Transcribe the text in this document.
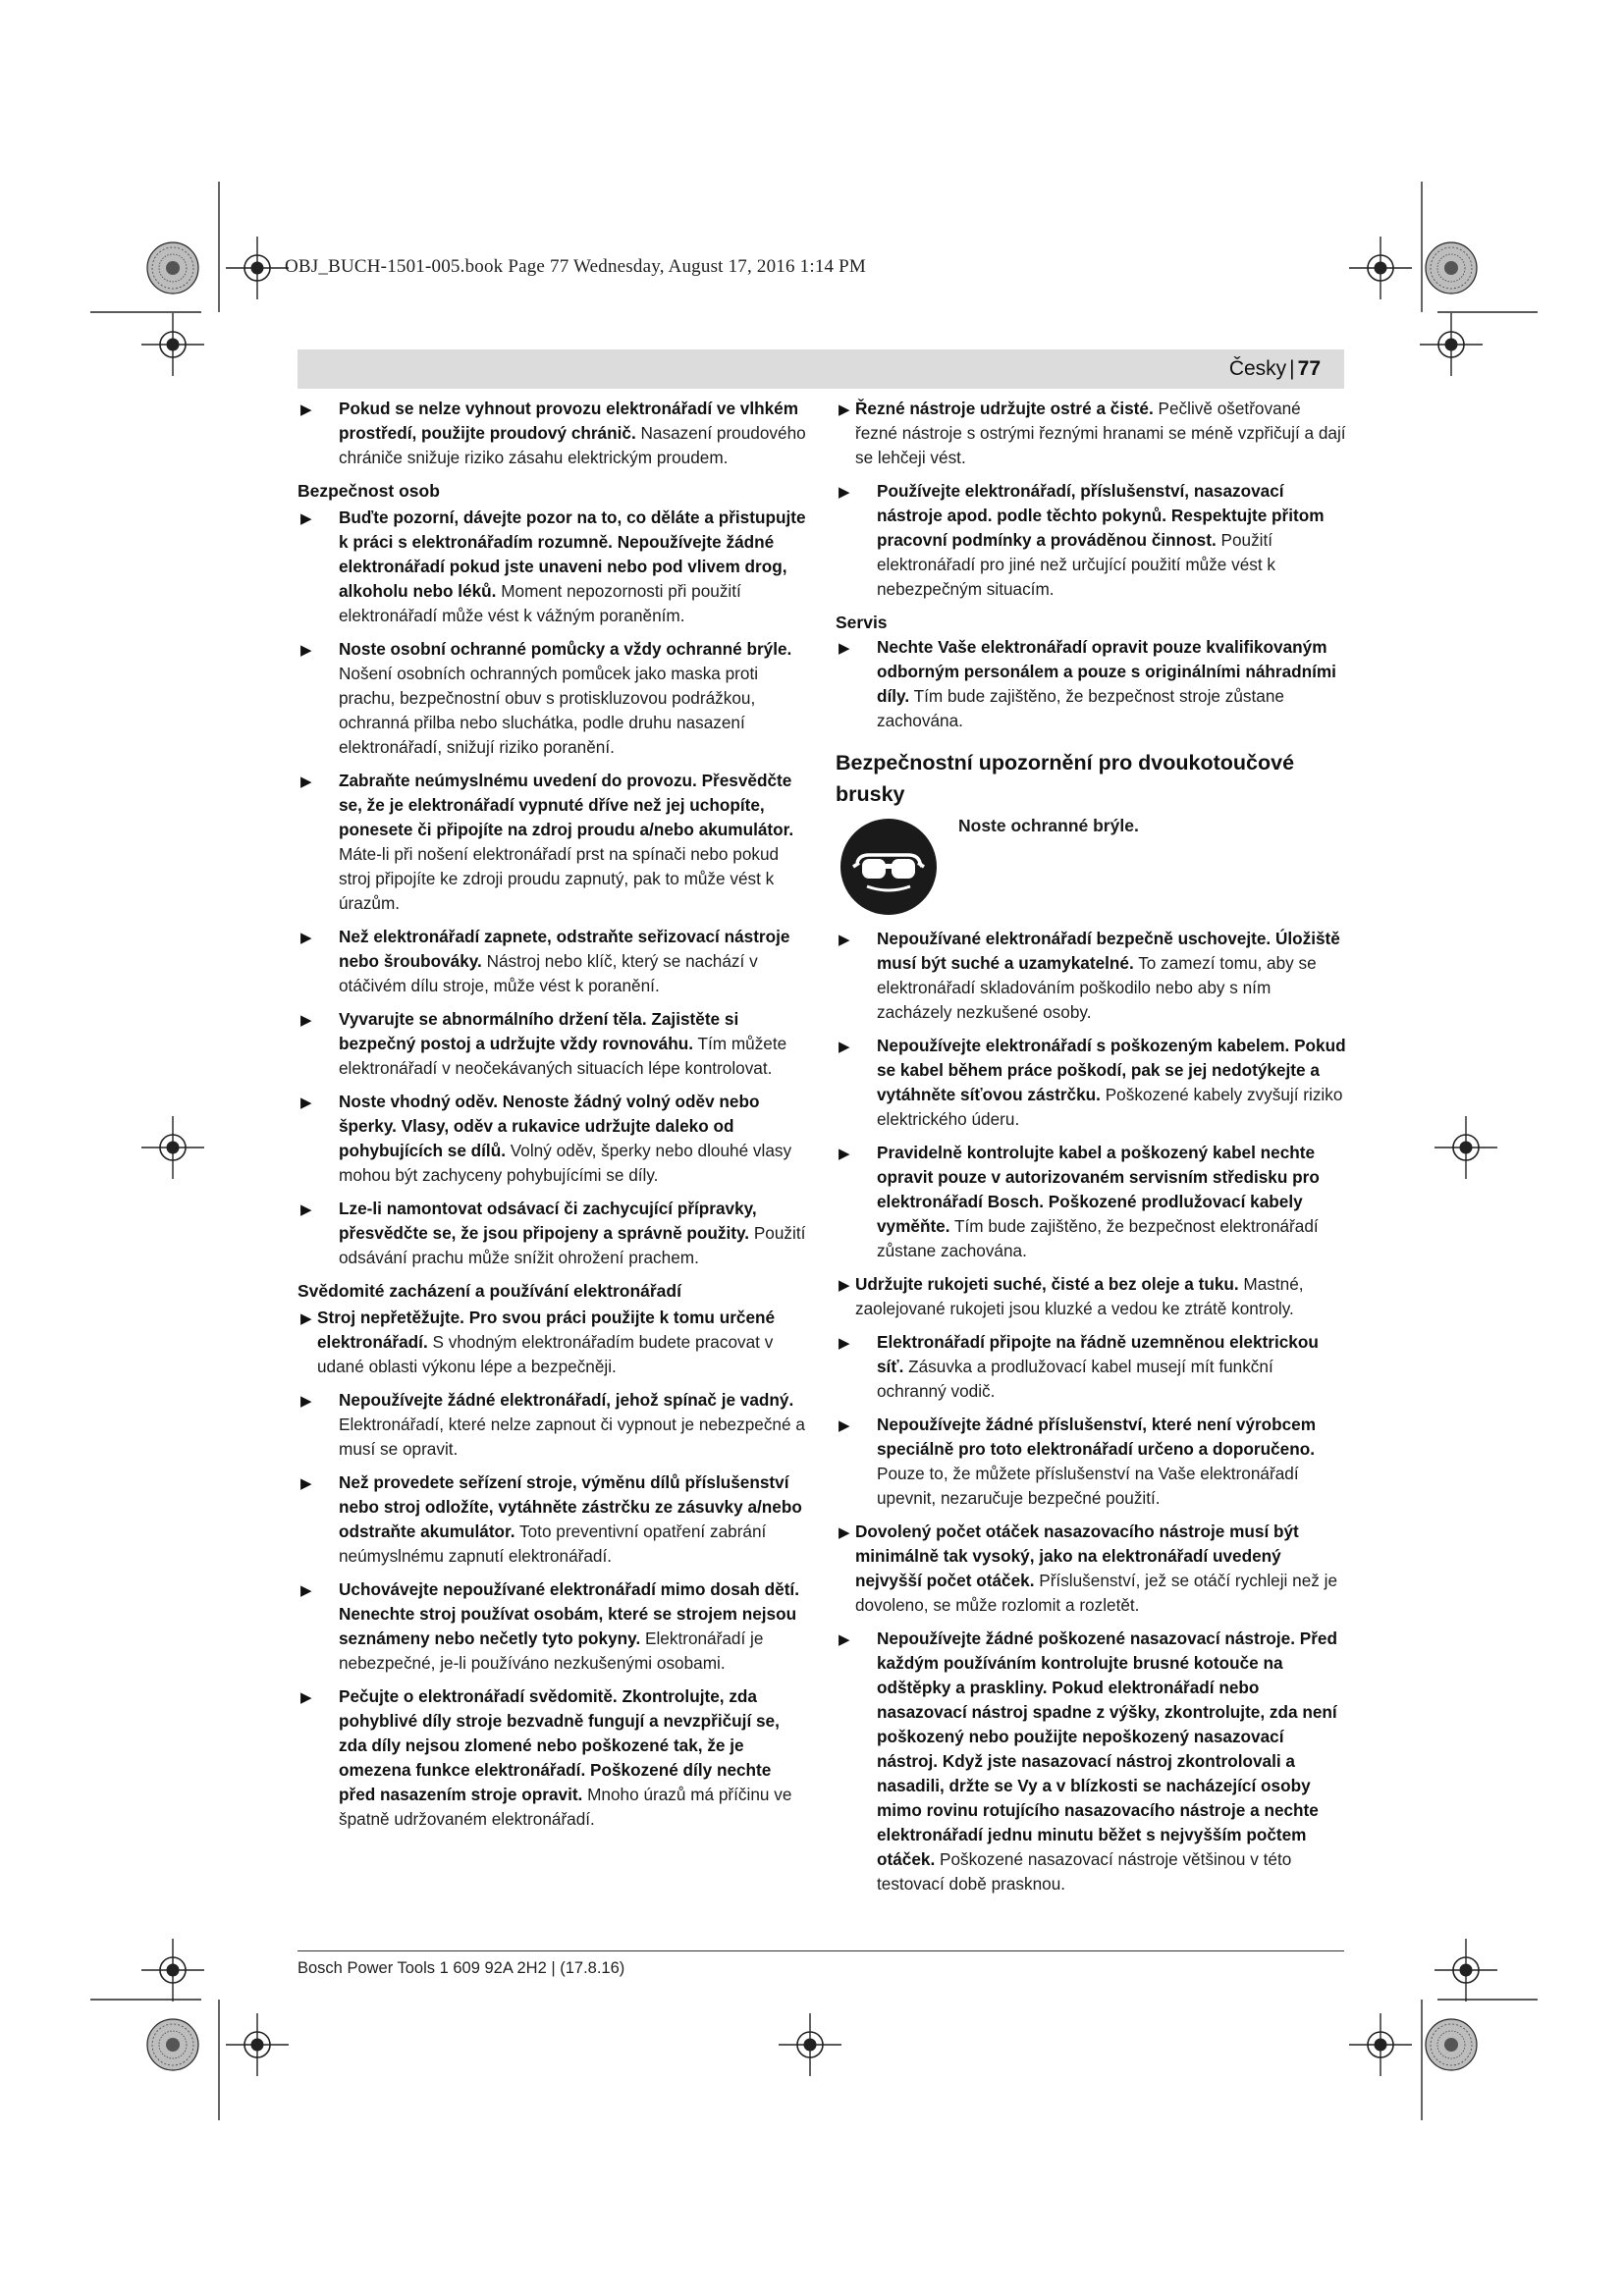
OBJ_BUCH-1501-005.book Page 77 Wednesday, August 17, 2016 1:14 PM
Česky | 77
▶ Pokud se nelze vyhnout provozu elektronářadí ve vlhkém prostředí, použijte proudový chránič. Nasazení proudového chrániče snižuje riziko zásahu elektrickým proudem.

Bezpečnost osob

▶ Buďte pozorní, dávejte pozor na to, co děláte a přistupujte k práci s elektronářadím rozumně. Nepoužívejte žádné elektronářadí pokud jste unaveni nebo pod vlivem drog, alkoholu nebo léků. Moment nepozornosti při použití elektronářadí může vést k vážným poraněním.
▶ Noste osobní ochranné pomůcky a vždy ochranné brýle. Nošení osobních ochranných pomůcek jako maska proti prachu, bezpečnostní obuv s protiskluzovou podrážkou, ochranná přilba nebo sluchátka, podle druhu nasazení elektronářadí, snižují riziko poranění.
▶ Zabraňte neúmyslnému uvedení do provozu. Přesvědčte se, že je elektronářadí vypnuté dříve než jej uchopíte, ponesete či připojíte na zdroj proudu a/nebo akumulátor. Máte-li při nošení elektronářadí prst na spínači nebo pokud stroj připojíte ke zdroji proudu zapnutý, pak to může vést k úrazům.
▶ Než elektronářadí zapnete, odstraňte seřizovací nástroje nebo šroubováky. Nástroj nebo klíč, který se nachází v otáčivém dílu stroje, může vést k poranění.
▶ Vyvarujte se abnormálního držení těla. Zajistěte si bezpečný postoj a udržujte vždy rovnováhu. Tím můžete elektronářadí v neočekávaných situacích lépe kontrolovat.
▶ Noste vhodný oděv. Nenoste žádný volný oděv nebo šperky. Vlasy, oděv a rukavice udržujte daleko od pohybujících se dílů. Volný oděv, šperky nebo dlouhé vlasy mohou být zachyceny pohybujícími se díly.
▶ Lze-li namontovat odsávací či zachycující přípravky, přesvědčte se, že jsou připojeny a správně použity. Použití odsávání prachu může snížit ohrožení prachem.

Svědomité zacházení a používání elektronářadí

▶ Stroj nepřetěžujte. Pro svou práci použijte k tomu určené elektronářadí. S vhodným elektronářadím budete pracovat v udané oblasti výkonu lépe a bezpečněji.
▶ Nepoužívejte žádné elektronářadí, jehož spínač je vadný. Elektronářadí, které nelze zapnout či vypnout je nebezpečné a musí se opravit.
▶ Než provedete seřízení stroje, výměnu dílů příslušenství nebo stroj odložíte, vytáhněte zástrčku ze zásuvky a/nebo odstraňte akumulátor. Toto preventivní opatření zabrání neúmyslnému zapnutí elektronářadí.
▶ Uchovávejte nepoužívané elektronářadí mimo dosah dětí. Nenechte stroj používat osobám, které se strojem nejsou seznámeny nebo nečetly tyto pokyny. Elektronářadí je nebezpečné, je-li používáno nezkušenými osobami.
▶ Pečujte o elektronářadí svědomitě. Zkontrolujte, zda pohyblivé díly stroje bezvadně fungují a nevzpřičují se, zda díly nejsou zlomené nebo poškozené tak, že je omezena funkce elektronářadí. Poškozené díly nechte před nasazením stroje opravit. Mnoho úrazů má příčinu ve špatně udržovaném elektronářadí.
▶ Řezné nástroje udržujte ostré a čisté. Pečlivě ošetřované řezné nástroje s ostrými řeznými hranami se méně vzpřičují a dají se lehčeji vést.
▶ Používejte elektronářadí, příslušenství, nasazovací nástroje apod. podle těchto pokynů. Respektujte přitom pracovní podmínky a prováděnou činnost. Použití elektronářadí pro jiné než určující použití může vést k nebezpečným situacím.

Servis

▶ Nechte Vaše elektronářadí opravit pouze kvalifikovaným odborným personálem a pouze s originálními náhradními díly. Tím bude zajištěno, že bezpečnost stroje zůstane zachována.

Bezpečnostní upozornění pro dvoukotoučové brusky

Noste ochranné brýle.
▶ Nepoužívané elektronářadí bezpečně uschovejte. Úložiště musí být suché a uzamykatelné. To zamezí tomu, aby se elektronářadí skladováním poškodilo nebo aby s ním zacházely nezkušené osoby.
▶ Nepoužívejte elektronářadí s poškozeným kabelem. Pokud se kabel během práce poškodí, pak se jej nedotýkejte a vytáhněte síťovou zástrčku. Poškozené kabely zvyšují riziko elektrického úderu.
▶ Pravidelně kontrolujte kabel a poškozený kabel nechte opravit pouze v autorizovaném servisním středisku pro elektronářadí Bosch. Poškozené prodlužovací kabely vyměňte. Tím bude zajištěno, že bezpečnost elektronářadí zůstane zachována.
▶ Udržujte rukojeti suché, čisté a bez oleje a tuku. Mastné, zaolejované rukojeti jsou kluzké a vedou ke ztrátě kontroly.
▶ Elektronářadí připojte na řádně uzemněnou elektrickou síť. Zásuvka a prodlužovací kabel musejí mít funkční ochranný vodič.
▶ Nepoužívejte žádné příslušenství, které není výrobcem speciálně pro toto elektronářadí určeno a doporučeno. Pouze to, že můžete příslušenství na Vaše elektronářadí upevnit, nezaručuje bezpečné použití.
▶ Dovolený počet otáček nasazovacího nástroje musí být minimálně tak vysoký, jako na elektronářadí uvedený nejvyšší počet otáček. Příslušenství, jež se otáčí rychleji než je dovoleno, se může rozlomit a rozletět.
▶ Nepoužívejte žádné poškozené nasazovací nástroje. Před každým používáním kontrolujte brusné kotouče na odštěpky a praskliny. Pokud elektronářadí nebo nasazovací nástroj spadne z výšky, zkontrolujte, zda není poškozený nebo použijte nepoškozený nasazovací nástroj. Když jste nasazovací nástroj zkontrolovali a nasadili, držte se Vy a v blízkosti se nacházející osoby mimo rovinu rotujícího nasazovacího nástroje a nechte elektronářadí jednu minutu běžet s nejvyšším počtem otáček. Poškozené nasazovací nástroje většinou v této testovací době prasknou.
Bosch Power Tools 1 609 92A 2H2 | (17.8.16)
